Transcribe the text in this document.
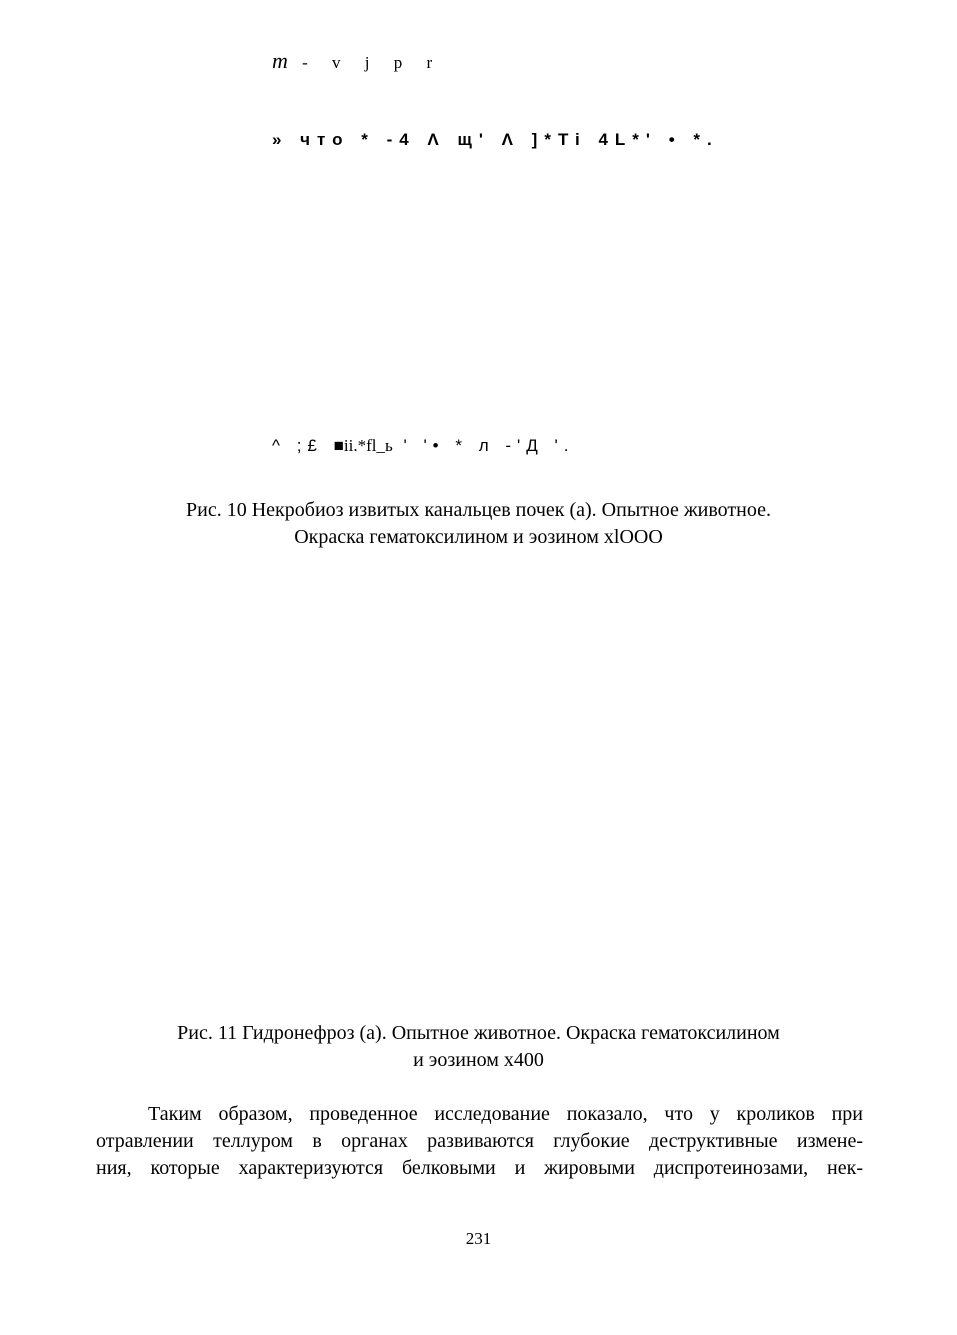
m - v j p r
» что * -4 Λ щ' Λ ]*Ti 4L*' • *.
^ ;£ ■ii.*fl_ь ' '• * л -'Д '.
Рис. 10 Некробиоз извитых канальцев почек (а). Опытное животное.
Окраска гематоксилином и эозином xlOOO
Рис. 11 Гидронефроз (а). Опытное животное. Окраска гематоксилином
и эозином x400
Таким образом, проведенное исследование показало, что у кроликов при
отравлении теллуром в органах развиваются глубокие деструктивные измене-
ния, которые характеризуются белковыми и жировыми диспротеинозами, нек-
231
